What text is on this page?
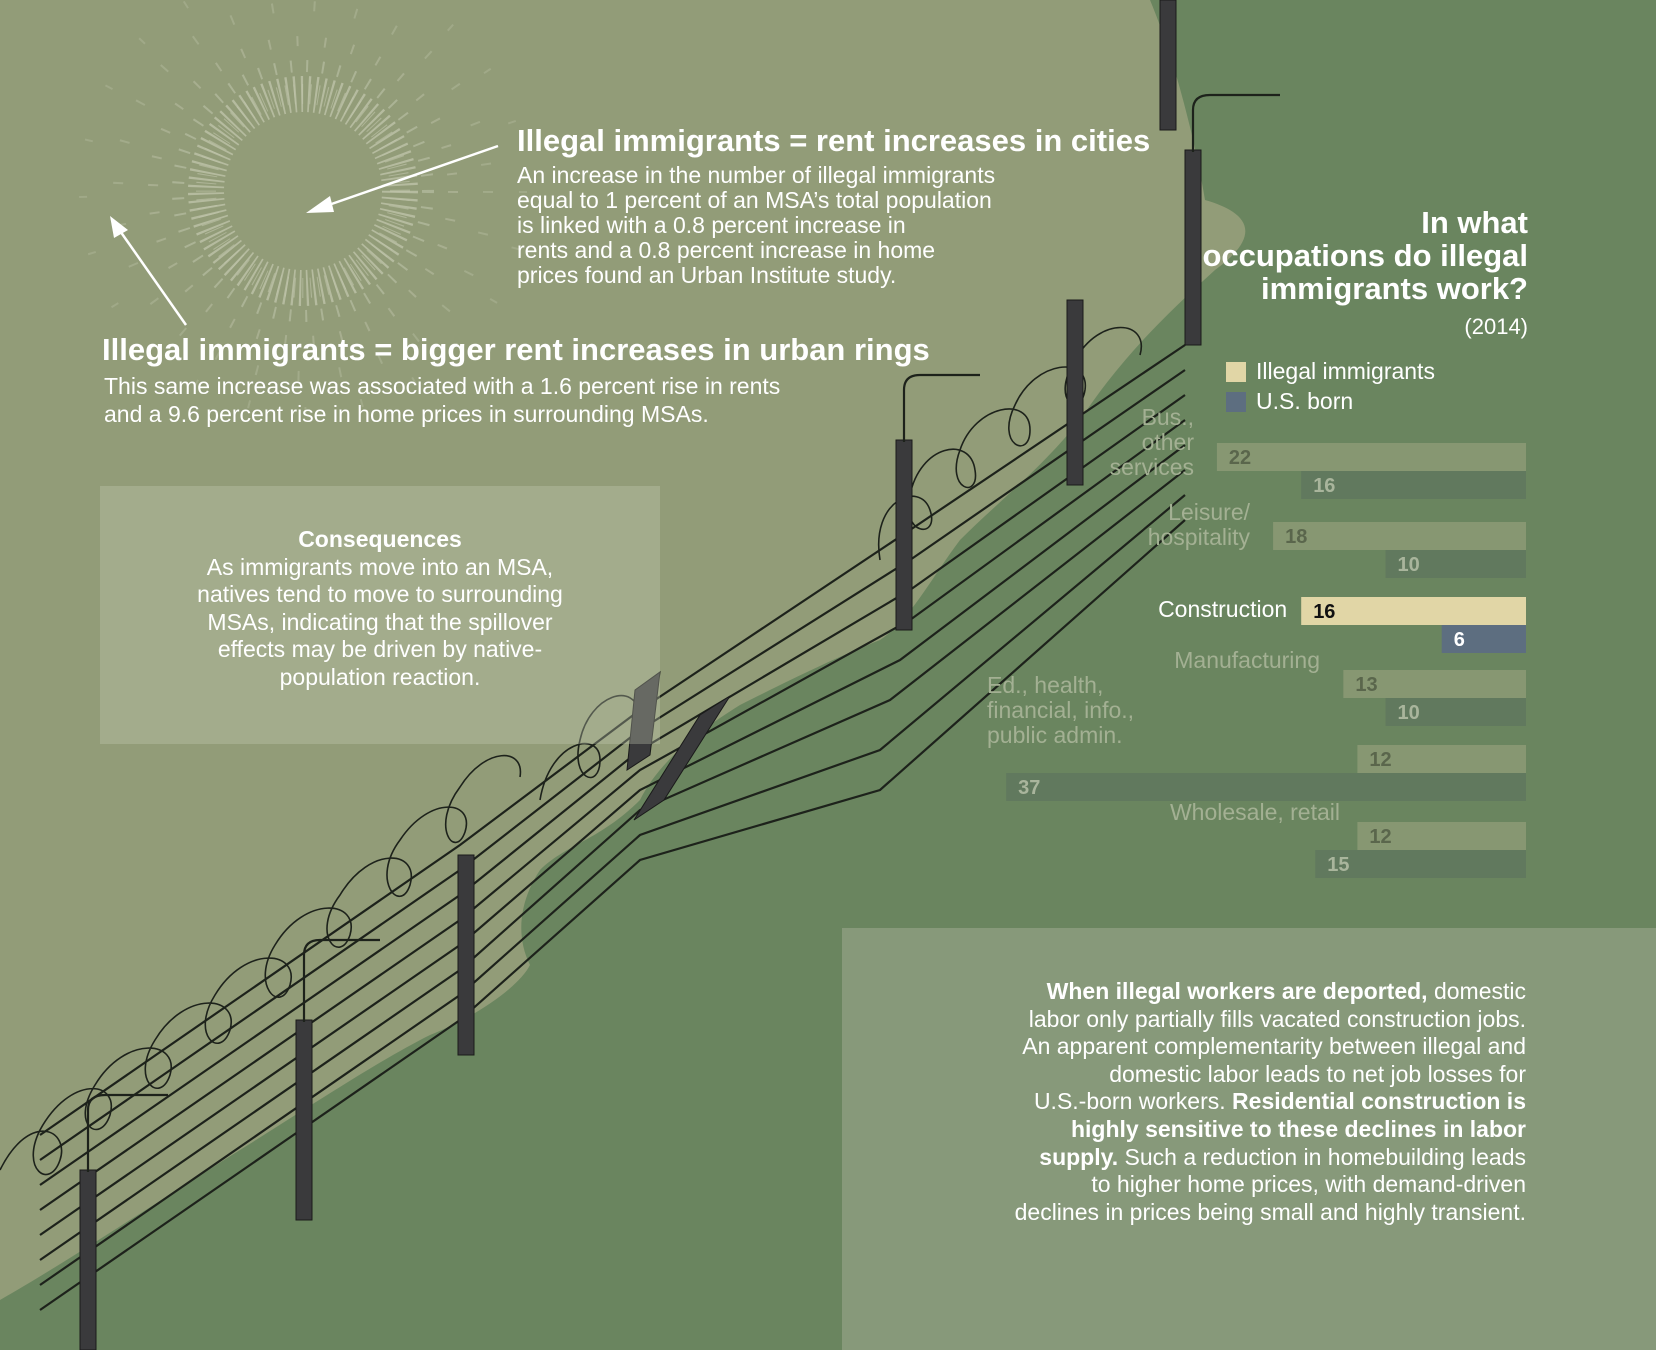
Illegal immigrants = rent increases in cities
An increase in the number of illegal immigrants
equal to 1 percent of an MSA’s total population
is linked with a 0.8 percent increase in
rents and a 0.8 percent increase in home
prices found an Urban Institute study.
Illegal immigrants = bigger rent increases in urban rings
This same increase was associated with a 1.6 percent rise in rents
and a 9.6 percent rise in home prices in surrounding MSAs.
Consequences
As immigrants move into an MSA,
natives tend to move to surrounding
MSAs, indicating that the spillover
effects may be driven by native-
population reaction.
When illegal workers are deported, domestic
labor only partially fills vacated construction jobs.
An apparent complementarity between illegal and
domestic labor leads to net job losses for
U.S.-born workers. Residential construction is
highly sensitive to these declines in labor
supply. Such a reduction in homebuilding leads
to higher home prices, with demand-driven
declines in prices being small and highly transient.
In what
occupations do illegal
immigrants work?
(2014)
Illegal immigrants
U.S. born
22
16
Bus.,
other
services
18
10
Leisure/
hospitality
16
6
Construction
13
10
Manufacturing
12
37
Ed., health,
financial, info.,
public admin.
12
15
Wholesale, retail
